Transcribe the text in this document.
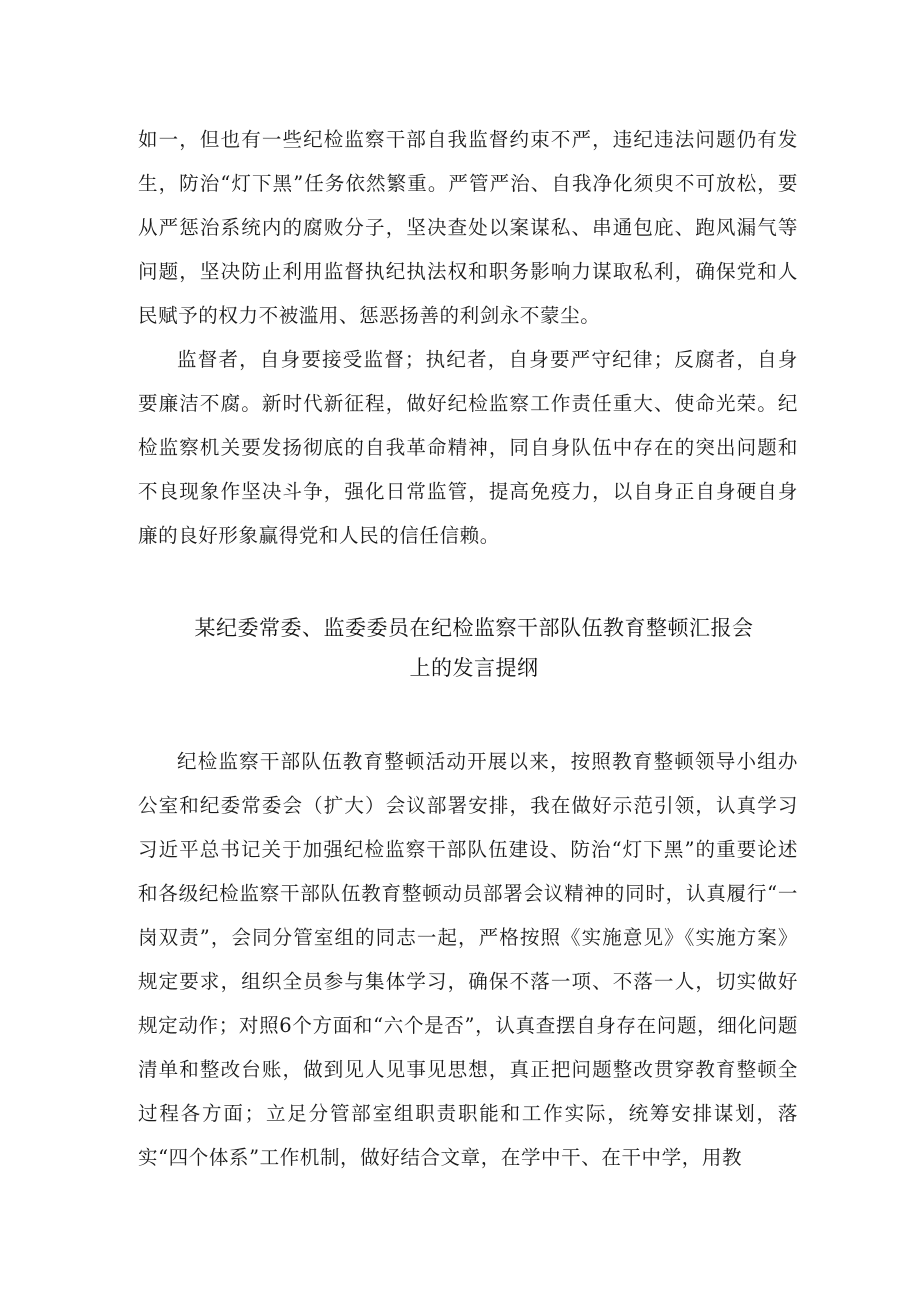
如一，但也有一些纪检监察干部自我监督约束不严，违纪违法问题仍有发生，防治“灯下黑”任务依然繁重。严管严治、自我净化须臾不可放松，要从严惩治系统内的腐败分子，坚决查处以案谋私、串通包庇、跑风漏气等问题，坚决防止利用监督执纪执法权和职务影响力谋取私利，确保党和人民赋予的权力不被滥用、惩恶扬善的利剑永不蒙尘。

监督者，自身要接受监督；执纪者，自身要严守纪律；反腐者，自身要廉洁不腐。新时代新征程，做好纪检监察工作责任重大、使命光荣。纪检监察机关要发扬彻底的自我革命精神，同自身队伍中存在的突出问题和不良现象作坚决斗争，强化日常监管，提高免疫力，以自身正自身硬自身廉的良好形象赢得党和人民的信任信赖。

某纪委常委、监委委员在纪检监察干部队伍教育整顿汇报会

上的发言提纲

纪检监察干部队伍教育整顿活动开展以来，按照教育整顿领导小组办公室和纪委常委会（扩大）会议部署安排，我在做好示范引领，认真学习习近平总书记关于加强纪检监察干部队伍建设、防治“灯下黑”的重要论述和各级纪检监察干部队伍教育整顿动员部署会议精神的同时，认真履行“一岗双责”，会同分管室组的同志一起，严格按照《实施意见》《实施方案》规定要求，组织全员参与集体学习，确保不落一项、不落一人，切实做好规定动作；对照6个方面和“六个是否”，认真查摆自身存在问题，细化问题清单和整改台账，做到见人见事见思想，真正把问题整改贯穿教育整顿全过程各方面；立足分管部室组职责职能和工作实际，统筹安排谋划，落实“四个体系”工作机制，做好结合文章，在学中干、在干中学，用教
